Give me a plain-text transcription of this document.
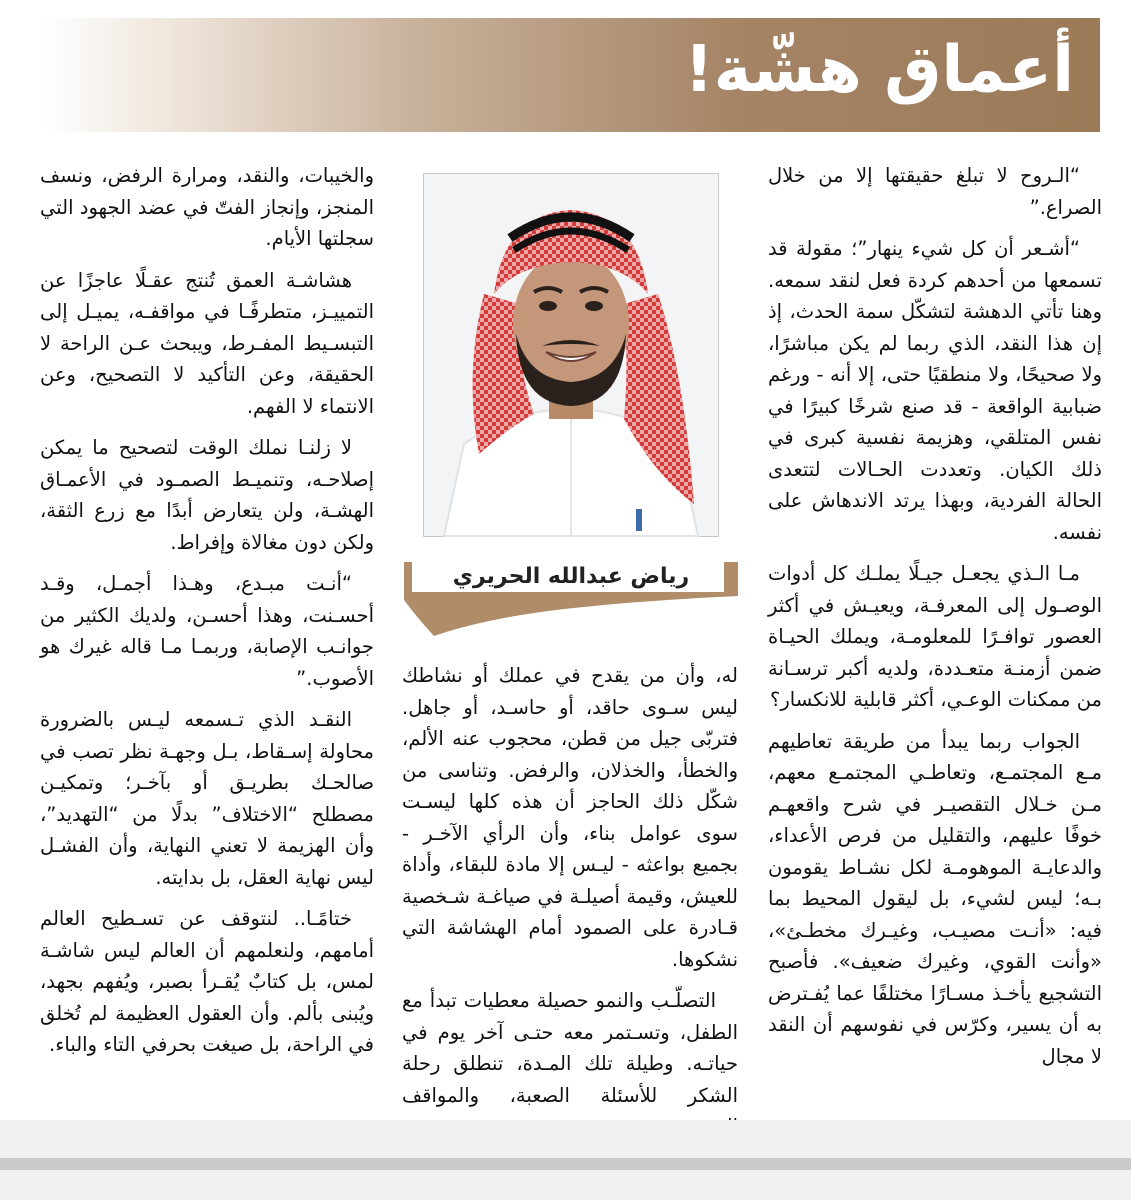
أعماق هشّة!

“الـروح لا تبلغ حقيقتها إلا من خلال الصراع.”

“أشـعر أن كل شيء ينهار”؛ مقولة قد تسمعها من أحدهم كردة فعل لنقد سمعه. وهنا تأتي الدهشة لتشكّل سمة الحدث، إذ إن هذا النقد، الذي ربما لم يكن مباشرًا، ولا صحيحًا، ولا منطقيًا حتى، إلا أنه - ورغم ضبابية الواقعة - قد صنع شرخًا كبيرًا في نفس المتلقي، وهزيمة نفسية كبرى في ذلك الكيان. وتعددت الحـالات لتتعدى الحالة الفردية، وبهذا يرتد الاندهاش على نفسه.

مـا الـذي يجعـل جيـلًا يملـك كل أدوات الوصـول إلى المعرفـة، ويعيـش في أكثر العصور توافـرًا للمعلومـة، ويملك الحيـاة ضمن أزمنـة متعـددة، ولديه أكبر ترسـانة من ممكنات الوعـي، أكثر قابلية للانكسار؟

الجواب ربما يبدأ من طريقة تعاطيهم مـع المجتمـع، وتعاطـي المجتمـع معهم، مـن خـلال التقصيـر في شرح واقعهـم خوفًا عليهم، والتقليل من فرص الأعداء، والدعايـة الموهومـة لكل نشـاط يقومون بـه؛ ليس لشيء، بل ليقول المحيط بما فيه: «أنـت مصيـب، وغيـرك مخطـئ»، «وأنت القوي، وغيرك ضعيف». فأصبح التشجيع يأخـذ مسـارًا مختلفًا عما يُفـترض به أن يسير، وكرّس في نفوسهم أن النقد لا مجال

رياض عبدالله الحريري

له، وأن من يقدح في عملك أو نشاطك ليس سـوى حاقد، أو حاسـد، أو جاهل. فتربّى جيل من قطن، محجوب عنه الألم، والخطأ، والخذلان، والرفض. وتناسى من شكّل ذلك الحاجز أن هذه كلها ليسـت سوى عوامل بناء، وأن الرأي الآخـر - بجميع بواعثه - ليـس إلا مادة للبقاء، وأداة للعيش، وقيمة أصيلـة في صياغـة شـخصية قـادرة على الصمود أمام الهشاشة التي نشكوها.

التصلّـب والنمو حصيلة معطيات تبدأ مع الطفل، وتسـتمر معه حتـى آخر يوم في حياتـه. وطيلة تلك المـدة، تنطلق رحلة الشكر للأسئلة الصعبة، والمواقف

والخيبات، والنقد، ومرارة الرفض، ونسف المنجز، وإنجاز الفتّ في عضد الجهود التي سجلتها الأيام.

هشاشـة العمق تُنتج عقـلًا عاجزًا عن التمييـز، متطرفًـا في مواقفـه، يميـل إلى التبسـيط المفـرط، ويبحث عـن الراحة لا الحقيقة، وعن التأكيد لا التصحيح، وعن الانتماء لا الفهم.

لا زلنـا نملك الوقت لتصحيح ما يمكن إصلاحـه، وتنميـط الصمـود في الأعمـاق الهشـة، ولن يتعارض أبدًا مع زرع الثقة، ولكن دون مغالاة وإفراط.

“أنـت مبـدع، وهـذا أجمـل، وقـد أحسـنت، وهذا أحسـن، ولديك الكثير من جوانـب الإصابة، وربمـا مـا قاله غيرك هو الأصوب.”

النقـد الذي تـسمعه ليـس بالضرورة محاولة إسـقاط، بـل وجهـة نظر تصب في صالحـك بطريـق أو بآخـر؛ وتمكيـن مصطلح “الاختلاف” بدلًا من “التهديد”، وأن الهزيمة لا تعني النهاية، وأن الفشـل ليس نهاية العقل، بل بدايته.

ختامًـا.. لنتوقف عن تسـطيح العالم أمامهم، ولنعلمهم أن العالم ليس شاشـة لمس، بل كتابٌ يُقـرأ بصبر، ويُفهم بجهد، ويُبنى بألم. وأن العقول العظيمة لم تُخلق في الراحة، بل صيغت بحرفي التاء والباء.
